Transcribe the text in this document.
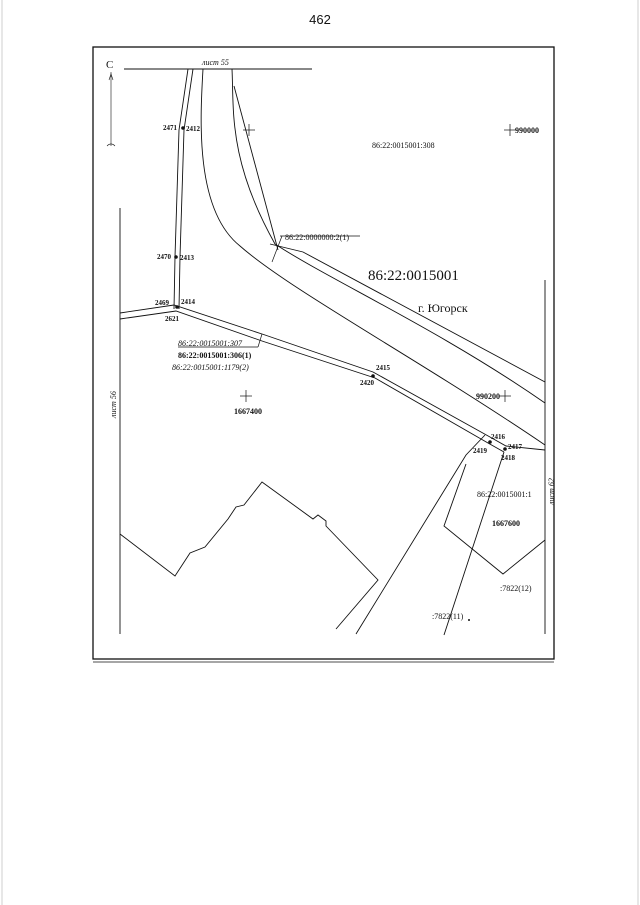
462
С	лист 55
лист 56
лист 62
2471 2412
2470 2413
2469 2414
2621
2415
2420
2416
2417
2419
2418
86:22:0015001:308
990000
86:22:0000000:2(1)
86:22:0015001
г. Югорск
86:22:0015001:307
86:22:0015001:306(1)
86:22:0015001:1179(2)
990200
1667400
86:22:0015001:1
1667600
:7822(12)
:7822(11)
